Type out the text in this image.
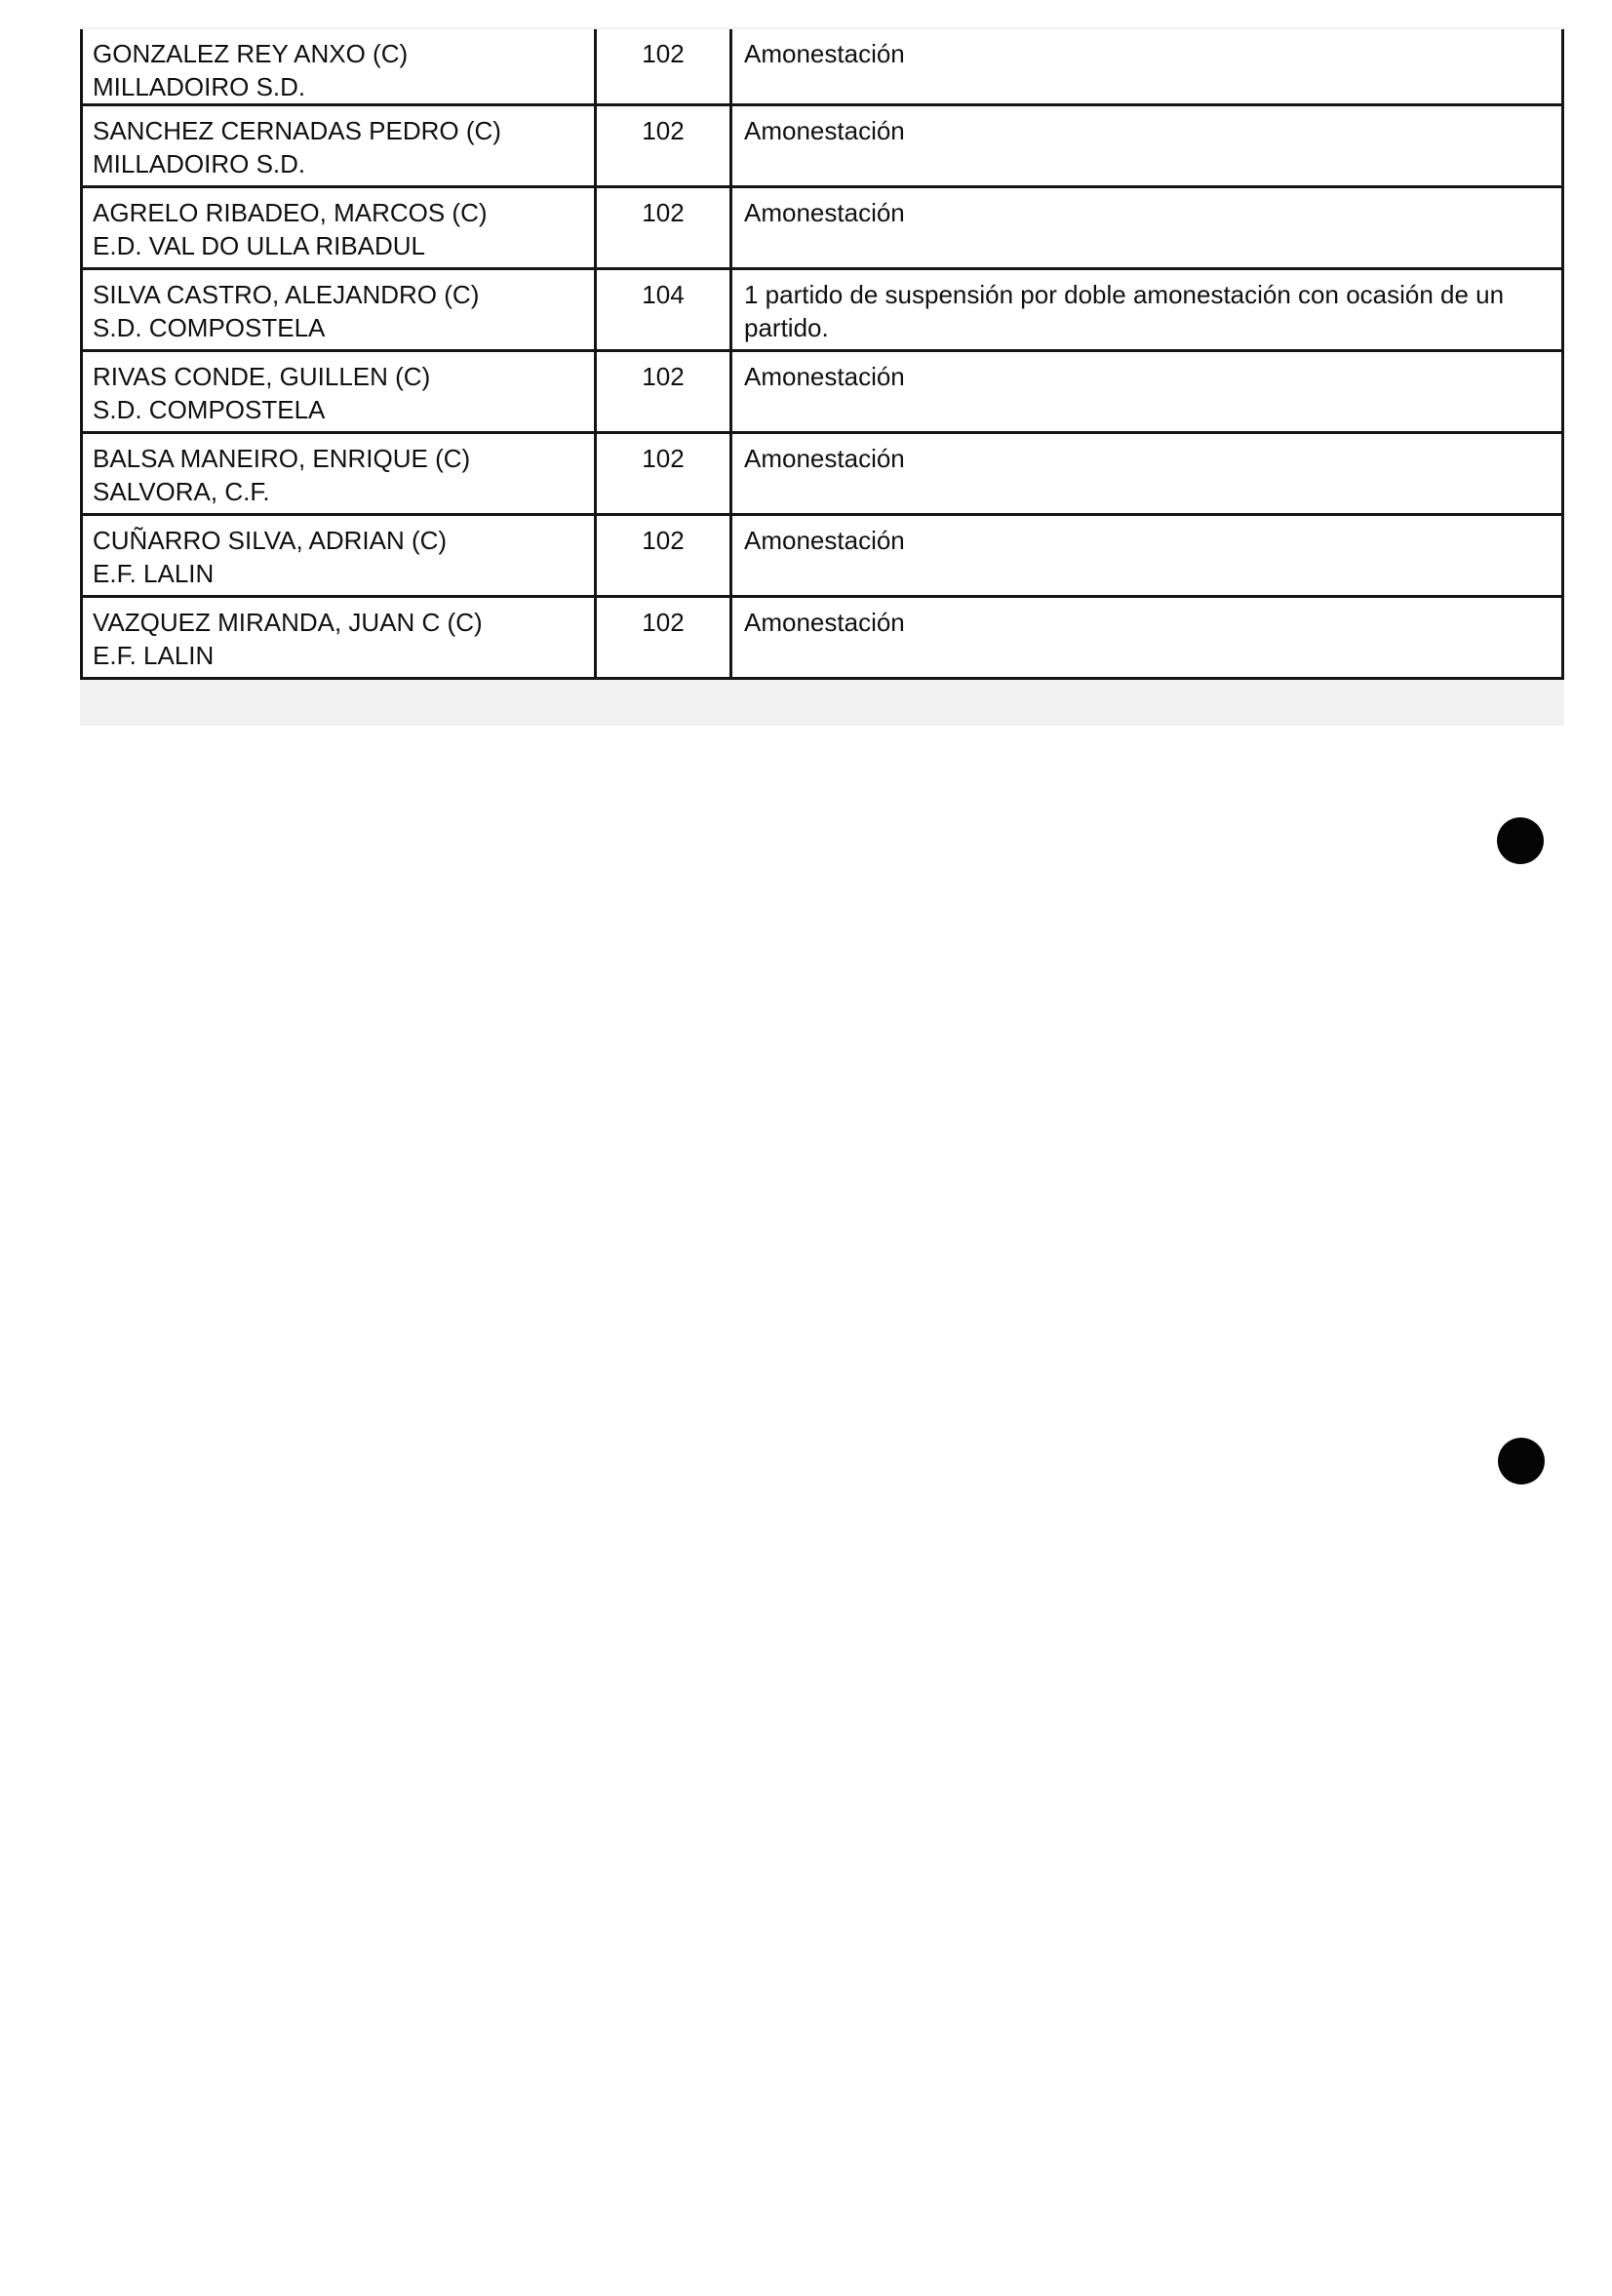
GONZALEZ REY ANXO (C)
MILLADOIRO S.D.	102	Amonestación

SANCHEZ CERNADAS PEDRO (C)
MILLADOIRO S.D.	102	Amonestación

AGRELO RIBADEO, MARCOS (C)
E.D. VAL DO ULLA RIBADUL	102	Amonestación

SILVA CASTRO, ALEJANDRO (C)
S.D. COMPOSTELA	104	1 partido de suspensión por doble amonestación con ocasión de un partido.

RIVAS CONDE, GUILLEN (C)
S.D. COMPOSTELA	102	Amonestación

BALSA MANEIRO, ENRIQUE (C)
SALVORA, C.F.	102	Amonestación

CUÑARRO SILVA, ADRIAN (C)
E.F. LALIN	102	Amonestación

VAZQUEZ MIRANDA, JUAN C (C)
E.F. LALIN	102	Amonestación
